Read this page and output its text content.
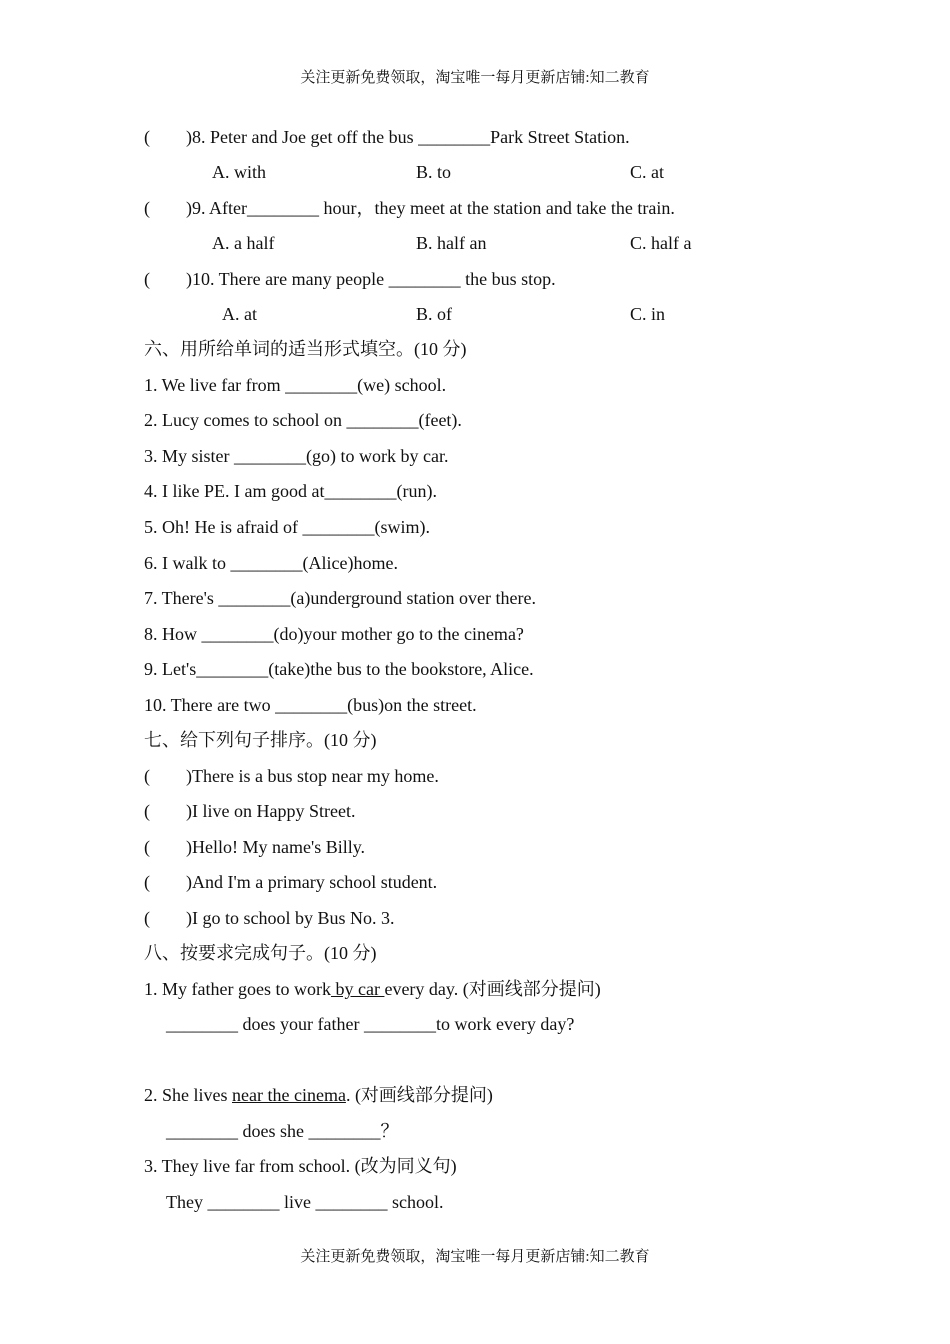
关注更新免费领取，淘宝唯一每月更新店铺:知二教育
(        )8. Peter and Joe get off the bus ________Park Street Station.
A. with	B. to	C. at
(        )9. After________ hour，they meet at the station and take the train.
A. a half	B. half an	C. half a
(        )10. There are many people ________ the bus stop.
A. at	B. of	C. in
六、用所给单词的适当形式填空。(10 分)
1. We live far from ________(we) school.
2. Lucy comes to school on ________(feet).
3. My sister ________(go) to work by car.
4. I like PE. I am good at________(run).
5. Oh! He is afraid of ________(swim).
6. I walk to ________(Alice)home.
7. There's ________(a)underground station over there.
8. How ________(do)your mother go to the cinema?
9. Let's________(take)the bus to the bookstore, Alice.
10. There are two ________(bus)on the street.
七、给下列句子排序。(10 分)
(        )There is a bus stop near my home.
(        )I live on Happy Street.
(        )Hello! My name's Billy.
(        )And I'm a primary school student.
(        )I go to school by Bus No. 3.
八、按要求完成句子。(10 分)
1. My father goes to work by car every day. (对画线部分提问)
________ does your father ________to work every day?
2. She lives near the cinema. (对画线部分提问)
________ does she ________？
3. They live far from school. (改为同义句)
They ________ live ________ school.
关注更新免费领取，淘宝唯一每月更新店铺:知二教育
